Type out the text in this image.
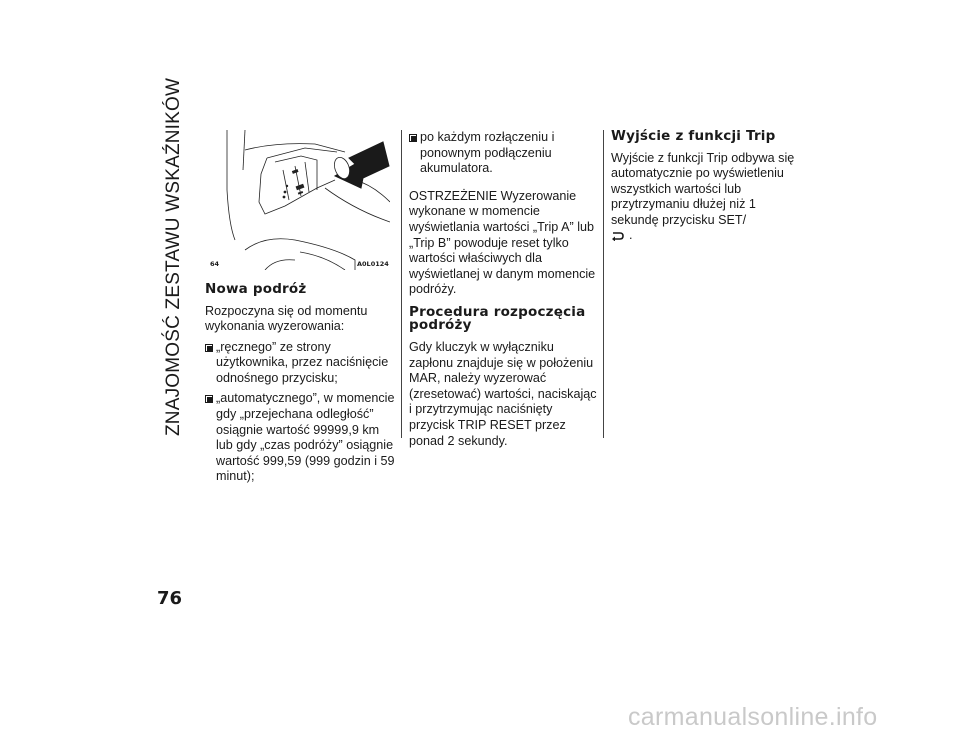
ZNAJOMOŚĆ ZESTAWU WSKAŹNIKÓW	64	A0L0124
Nowa podróż

Rozpoczyna się od momentu wykonania wyzerowania:

„ręcznego” ze strony użytkownika, przez naciśnięcie odnośnego przycisku;
„automatycznego”, w momencie gdy „przejechana odległość” osiągnie wartość 99999,9 km lub gdy „czas podróży” osiągnie wartość 999,59 (999 godzin i 59 minut);
po każdym rozłączeniu i ponownym podłączeniu akumulatora.

OSTRZEŻENIE Wyzerowanie wykonane w momencie wyświetlania wartości „Trip A” lub „Trip B” powoduje reset tylko wartości właściwych dla wyświetlanej w danym momencie podróży.

Procedura rozpoczęcia podróży

Gdy kluczyk w wyłączniku zapłonu znajduje się w położeniu MAR, należy wyzerować (zresetować) wartości, naciskając i przytrzymując naciśnięty przycisk TRIP RESET przez ponad 2 sekundy.

Wyjście z funkcji Trip

Wyjście z funkcji Trip odbywa się automatycznie po wyświetleniu wszystkich wartości lub przytrzymaniu dłużej niż 1 sekundę przycisku SET/
.

76
carmanualsonline.info
